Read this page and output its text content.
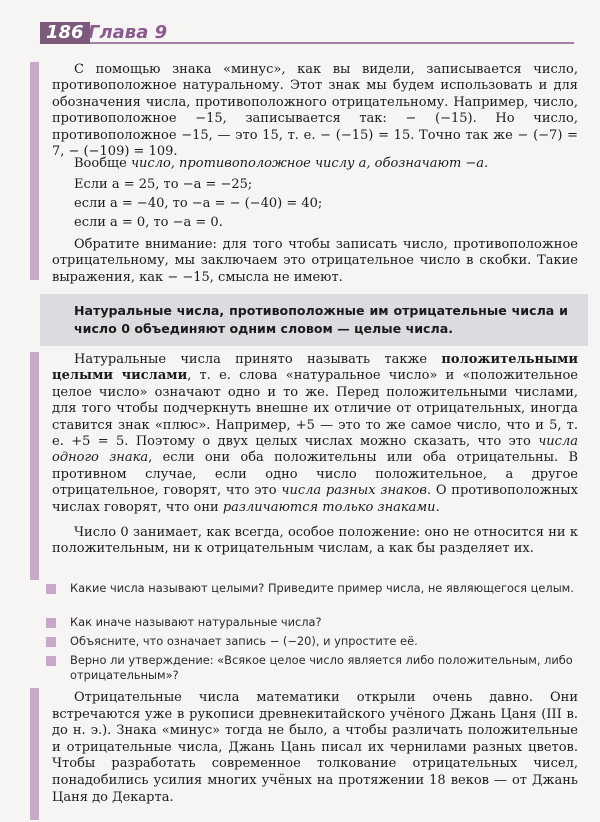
186 Глава 9

С помощью знака «минус», как вы видели, записывается число, противоположное натуральному. Этот знак мы будем использовать и для обозначения числа, противоположного отрицательному. Например, число, противоположное −15, записывается так: − (−15). Но число, противоположное −15, — это 15, т. е. − (−15) = 15. Точно так же − (−7) = 7, − (−109) = 109.

Вообще число, противоположное числу a, обозначают −a.

Если a = 25, то −a = −25;
если a = −40, то −a = − (−40) = 40;
если a = 0, то −a = 0.

Обратите внимание: для того чтобы записать число, противоположное отрицательному, мы заключаем это отрицательное число в скобки. Такие выражения, как − −15, смысла не имеют.

Натуральные числа, противоположные им отрицательные числа и число 0 объединяют одним словом — целые числа.

Натуральные числа принято называть также положительными целыми числами, т. е. слова «натуральное число» и «положительное целое число» означают одно и то же. Перед положительными числами, для того чтобы подчеркнуть внешне их отличие от отрицательных, иногда ставится знак «плюс». Например, +5 — это то же самое число, что и 5, т. е. +5 = 5. Поэтому о двух целых числах можно сказать, что это числа одного знака, если они оба положительны или оба отрицательны. В противном случае, если одно число положительное, а другое отрицательное, говорят, что это числа разных знаков. О противоположных числах говорят, что они различаются только знаками.

Число 0 занимает, как всегда, особое положение: оно не относится ни к положительным, ни к отрицательным числам, а как бы разделяет их.

Какие числа называют целыми? Приведите пример числа, не являющегося целым.
Как иначе называют натуральные числа?
Объясните, что означает запись − (−20), и упростите её.
Верно ли утверждение: «Всякое целое число является либо положительным, либо отрицательным»?

Отрицательные числа математики открыли очень давно. Они встречаются уже в рукописи древнекитайского учёного Джань Цаня (III в. до н. э.). Знака «минус» тогда не было, а чтобы различать положительные и отрицательные числа, Джань Цань писал их чернилами разных цветов. Чтобы разработать современное толкование отрицательных чисел, понадобились усилия многих учёных на протяжении 18 веков — от Джань Цаня до Декарта.
